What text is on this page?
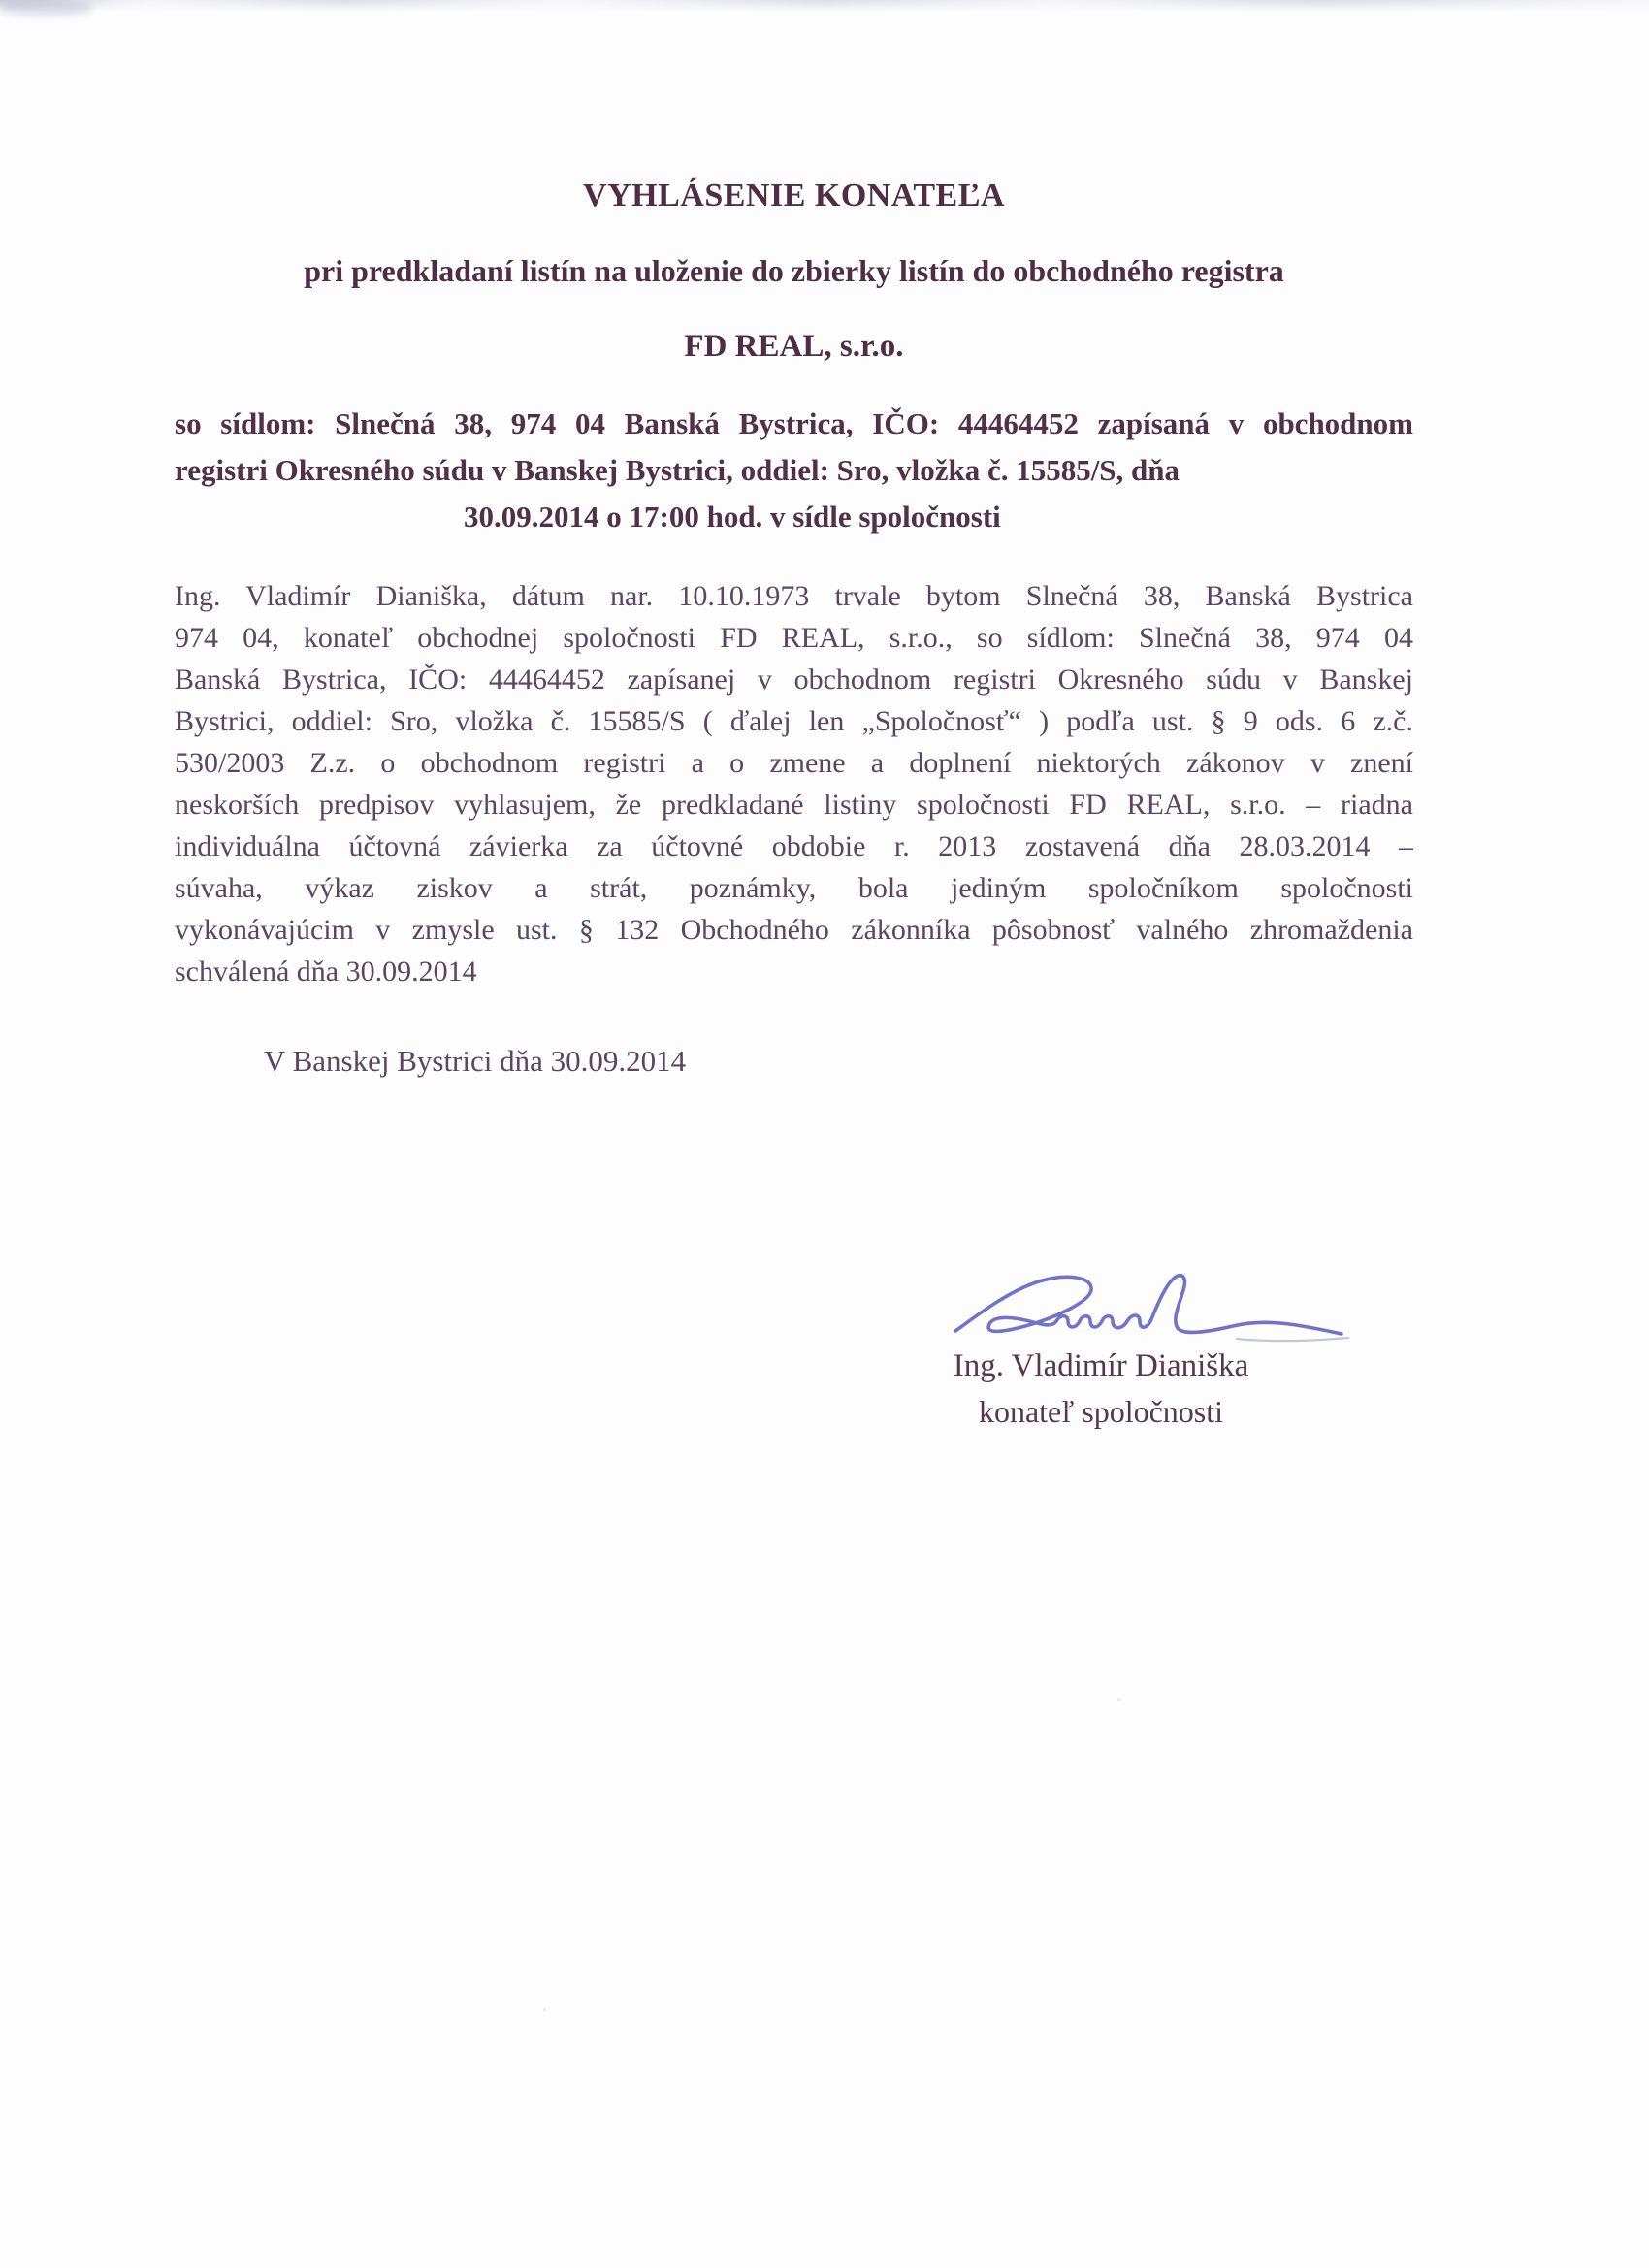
VYHLÁSENIE KONATEĽA
pri predkladaní listín na uloženie do zbierky listín do obchodného registra
FD REAL, s.r.o.
so sídlom: Slnečná 38, 974 04 Banská Bystrica, IČO: 44464452 zapísaná v obchodnom
registri Okresného súdu v Banskej Bystrici, oddiel: Sro, vložka č. 15585/S, dňa
30.09.2014 o 17:00 hod. v sídle spoločnosti
Ing. Vladimír Dianiška, dátum nar. 10.10.1973 trvale bytom Slnečná 38, Banská Bystrica
974 04, konateľ obchodnej spoločnosti FD REAL, s.r.o., so sídlom: Slnečná 38, 974 04
Banská Bystrica, IČO: 44464452 zapísanej v obchodnom registri Okresného súdu v Banskej
Bystrici, oddiel: Sro, vložka č. 15585/S ( ďalej len „Spoločnosť“ ) podľa ust. § 9 ods. 6 z.č.
530/2003 Z.z. o obchodnom registri a o zmene a doplnení niektorých zákonov v znení
neskorších predpisov vyhlasujem, že predkladané listiny spoločnosti FD REAL, s.r.o. – riadna
individuálna účtovná závierka za účtovné obdobie r. 2013 zostavená dňa 28.03.2014 –
súvaha, výkaz ziskov a strát, poznámky, bola jediným spoločníkom spoločnosti
vykonávajúcim v zmysle ust. § 132 Obchodného zákonníka pôsobnosť valného zhromaždenia
schválená dňa 30.09.2014
V Banskej Bystrici dňa 30.09.2014
Ing. Vladimír Dianiška
konateľ spoločnosti
